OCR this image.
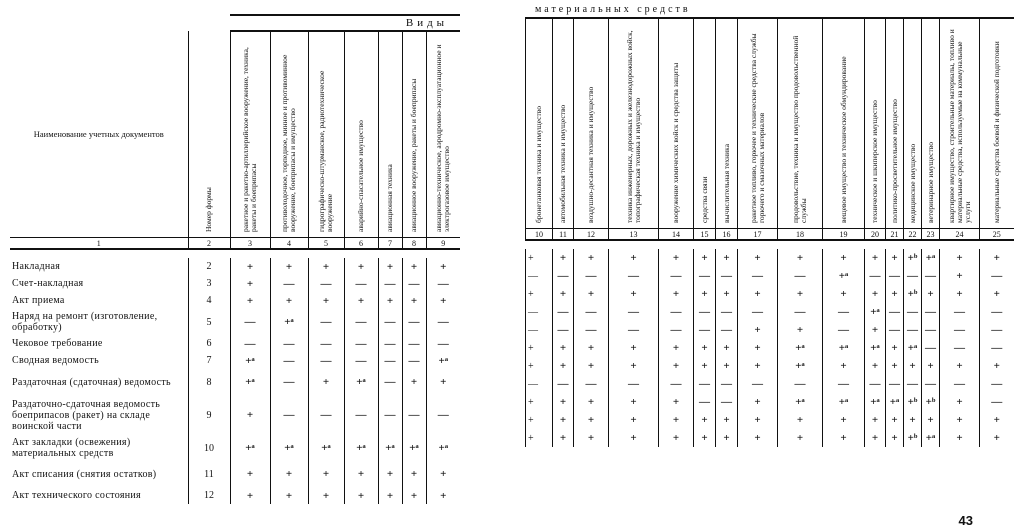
		Виды						
Наименование учетных документов	Номер формы	ракетное и ракетно-артиллерийское вооружение, техника, ракеты и боеприпасы	противолодочное, торпедное, минное и противоминное вооружение, боеприпасы и имущество	гидрографическо-штурманское, радиотехническое вооружение	аварийно-спасательное имущество	авиационная техника	авиационное вооружение, ракеты и боеприпасы	авиационно-техническое, аэродромно-эксплуатационное и электрогазовое имущество
1	2	3	4	5	6	7	8	9

Накладная	2	+	+	+	+	+	+	+
Счет-накладная	3	+	—	—	—	—	—	—
Акт приема	4	+	+	+	+	+	+	+
Наряд на ремонт (изготовление, обработку)	5	—	+ᵃ	—	—	—	—	—
Чековое требование	6	—	—	—	—	—	—	—
Сводная ведомость	7	+ᵃ	—	—	—	—	—	+ᵃ
Раздаточная (сдаточная) ведомость	8	+ᵃ	—	+	+ᵃ	—	+	+
Раздаточно-сдаточная ведомость боеприпасов (ракет) на складе воинской части	9	+	—	—	—	—	—	—
Акт закладки (освежения) материальных средств	10	+ᵃ	+ᵃ	+ᵃ	+ᵃ	+ᵃ	+ᵃ	+ᵃ
Акт списания (снятия остатков)	11	+	+	+	+	+	+	+
Акт технического состояния	12	+	+	+	+	+	+	+
материальных средств

бронетанковая техника и имущество	автомобильная техника и имущество	воздушно-десантная техника и имущество	техника инженерных, дорожных и железнодорожных войск, топографическая техника и имущество	вооружение химических войск и средства защиты	средства связи	вычислительная техника	ракетное топливо, горючее и технические средства службы горючего и смазочных материалов	продовольствие, техника и имущество продовольственной службы	вещевое имущество и техническое обмундирование	техническое и шкиперское имущество	политико-просветительное имущество	медицинское имущество	ветеринарное имущество	квартирное имущество, строительные материалы, топливо и материальные средства, используемые на коммунальные услуги	материальные средства боевой и физической подготовки
10	11	12	13	14	15	16	17	18	19	20	21	22	23	24	25

+	+	+	+	+	+	+	+	+	+	+	+	+ᵇ	+ᵃ	+	+
—	—	—	—	—	—	—	—	—	+ᵃ	—	—	—	—	+	—
+	+	+	+	+	+	+	+	+	+	+	+	+ᵇ	+	+	+
—	—	—	—	—	—	—	—	—	—	+ᵃ	—	—	—	—	—
—	—	—	—	—	—	—	+	+	—	+	—	—	—	—	—
+	+	+	+	+	+	+	+	+ᵃ	+ᵃ	+ᵃ	+	+ᵃ	—	—	—
+	+	+	+	+	+	+	+	+ᵃ	+	+	+	+	+	+	+
—	—	—	—	—	—	—	—	—	—	—	—	—	—	—	—
+	+	+	+	+	—	—	+	+ᵃ	+ᵃ	+ᵃ	+ᵃ	+ᵇ	+ᵇ	+	—
+	+	+	+	+	+	+	+	+	+	+	+	+	+	+	+
+	+	+	+	+	+	+	+	+	+	+	+	+ᵇ	+ᵃ	+	+
43
